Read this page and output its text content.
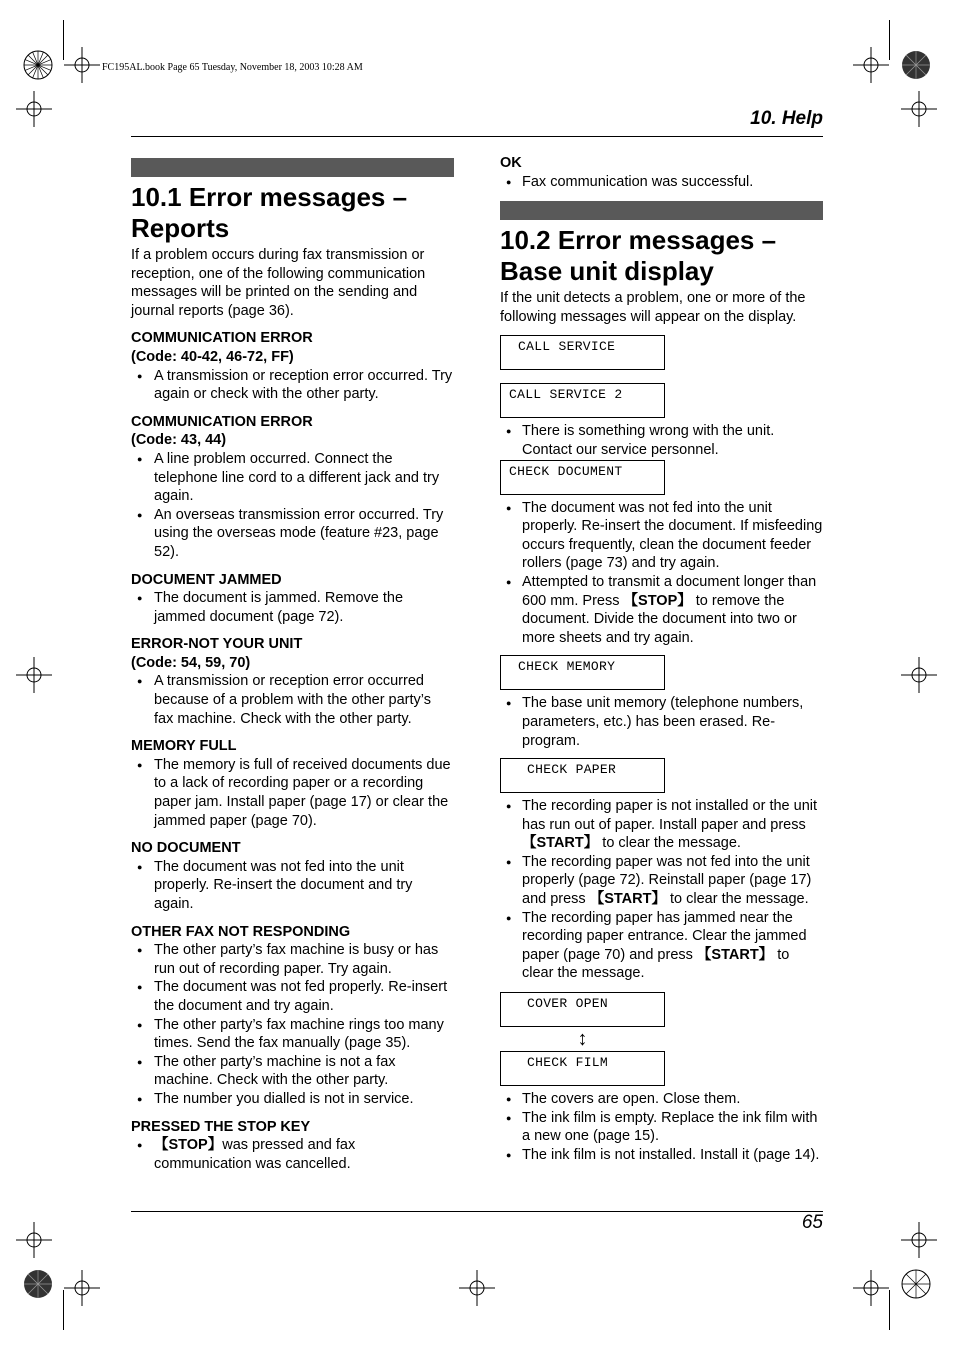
FC195AL.book Page 65 Tuesday, November 18, 2003 10:28 AM
10. Help
10.1 Error messages –
Reports
If a problem occurs during fax transmission or reception, one of the following communication messages will be printed on the sending and journal reports (page 36).
COMMUNICATION ERROR
(Code: 40-42, 46-72, FF)
● A transmission or reception error occurred. Try again or check with the other party.
COMMUNICATION ERROR
(Code: 43, 44)
● A line problem occurred. Connect the telephone line cord to a different jack and try again.
● An overseas transmission error occurred. Try using the overseas mode (feature #23, page 52).
DOCUMENT JAMMED
● The document is jammed. Remove the jammed document (page 72).
ERROR-NOT YOUR UNIT
(Code: 54, 59, 70)
● A transmission or reception error occurred because of a problem with the other party’s fax machine. Check with the other party.
MEMORY FULL
● The memory is full of received documents due to a lack of recording paper or a recording paper jam. Install paper (page 17) or clear the jammed paper (page 70).
NO DOCUMENT
● The document was not fed into the unit properly. Re-insert the document and try again.
OTHER FAX NOT RESPONDING
● The other party’s fax machine is busy or has run out of recording paper. Try again.
● The document was not fed properly. Re-insert the document and try again.
● The other party’s fax machine rings too many times. Send the fax manually (page 35).
● The other party’s machine is not a fax machine. Check with the other party.
● The number you dialled is not in service.
PRESSED THE STOP KEY
● 【STOP】was pressed and fax communication was cancelled.
OK
● Fax communication was successful.
10.2 Error messages –
Base unit display
If the unit detects a problem, one or more of the following messages will appear on the display.
CALL SERVICE
CALL SERVICE 2
● There is something wrong with the unit. Contact our service personnel.
CHECK DOCUMENT
● The document was not fed into the unit properly. Re-insert the document. If misfeeding occurs frequently, clean the document feeder rollers (page 73) and try again.
● Attempted to transmit a document longer than 600 mm. Press 【STOP】 to remove the document. Divide the document into two or more sheets and try again.
CHECK MEMORY
● The base unit memory (telephone numbers, parameters, etc.) has been erased. Re-program.
CHECK PAPER
● The recording paper is not installed or the unit has run out of paper. Install paper and press 【START】 to clear the message.
● The recording paper was not fed into the unit properly (page 72). Reinstall paper (page 17) and press 【START】 to clear the message.
● The recording paper has jammed near the recording paper entrance. Clear the jammed paper (page 70) and press 【START】 to clear the message.
COVER OPEN
↕
CHECK FILM
● The covers are open. Close them.
● The ink film is empty. Replace the ink film with a new one (page 15).
● The ink film is not installed. Install it (page 14).
65
